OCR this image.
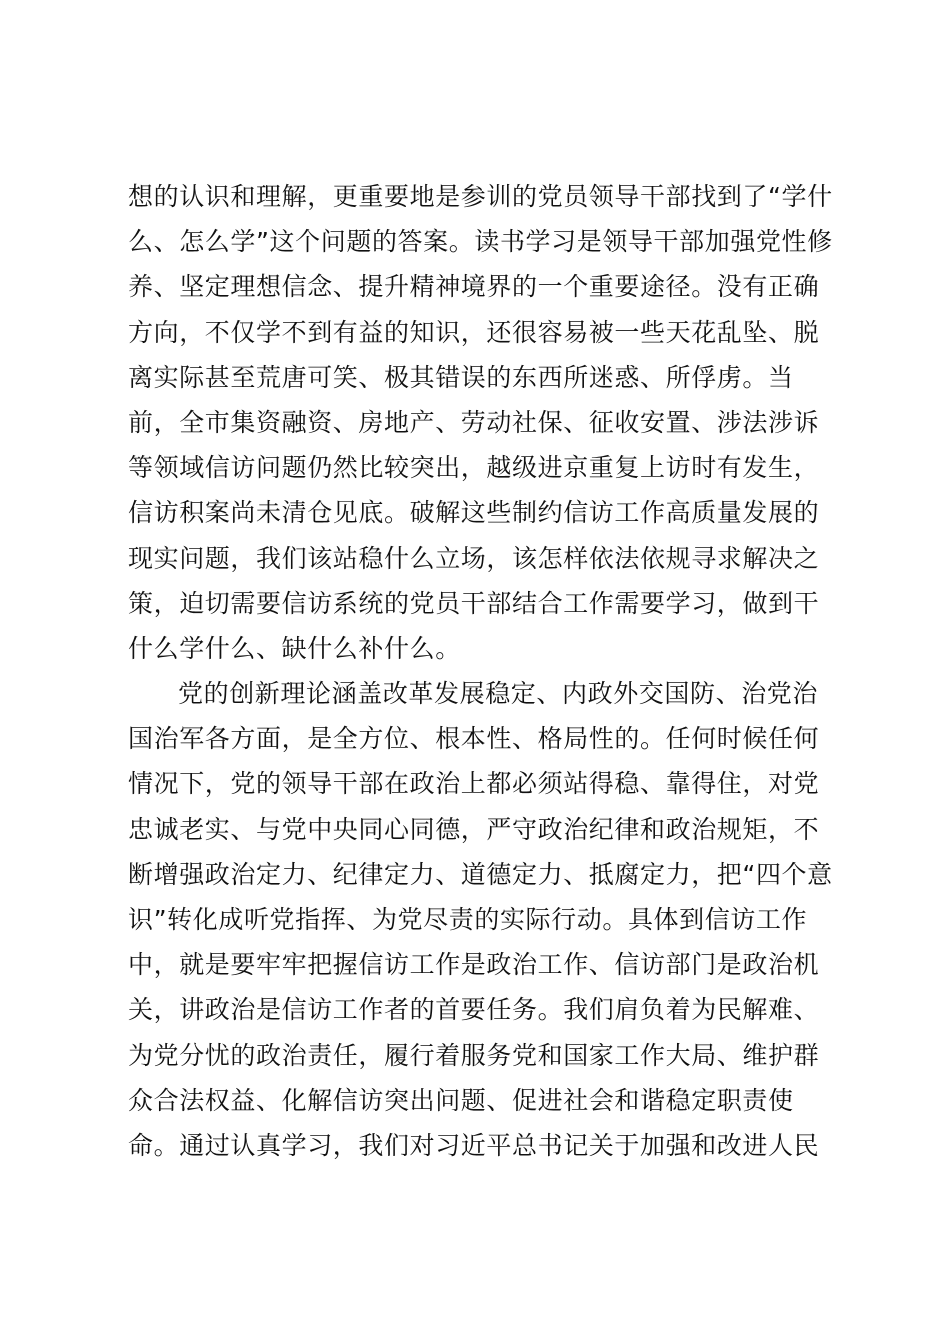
想的认识和理解，更重要地是参训的党员领导干部找到了“学什
么、怎么学”这个问题的答案。读书学习是领导干部加强党性修
养、坚定理想信念、提升精神境界的一个重要途径。没有正确
方向，不仅学不到有益的知识，还很容易被一些天花乱坠、脱
离实际甚至荒唐可笑、极其错误的东西所迷惑、所俘虏。当
前，全市集资融资、房地产、劳动社保、征收安置、涉法涉诉
等领域信访问题仍然比较突出，越级进京重复上访时有发生，
信访积案尚未清仓见底。破解这些制约信访工作高质量发展的
现实问题，我们该站稳什么立场，该怎样依法依规寻求解决之
策，迫切需要信访系统的党员干部结合工作需要学习，做到干
什么学什么、缺什么补什么。
党的创新理论涵盖改革发展稳定、内政外交国防、治党治
国治军各方面，是全方位、根本性、格局性的。任何时候任何
情况下，党的领导干部在政治上都必须站得稳、靠得住，对党
忠诚老实、与党中央同心同德，严守政治纪律和政治规矩，不
断增强政治定力、纪律定力、道德定力、抵腐定力，把“四个意
识”转化成听党指挥、为党尽责的实际行动。具体到信访工作
中，就是要牢牢把握信访工作是政治工作、信访部门是政治机
关，讲政治是信访工作者的首要任务。我们肩负着为民解难、
为党分忧的政治责任，履行着服务党和国家工作大局、维护群
众合法权益、化解信访突出问题、促进社会和谐稳定职责使
命。通过认真学习，我们对习近平总书记关于加强和改进人民
